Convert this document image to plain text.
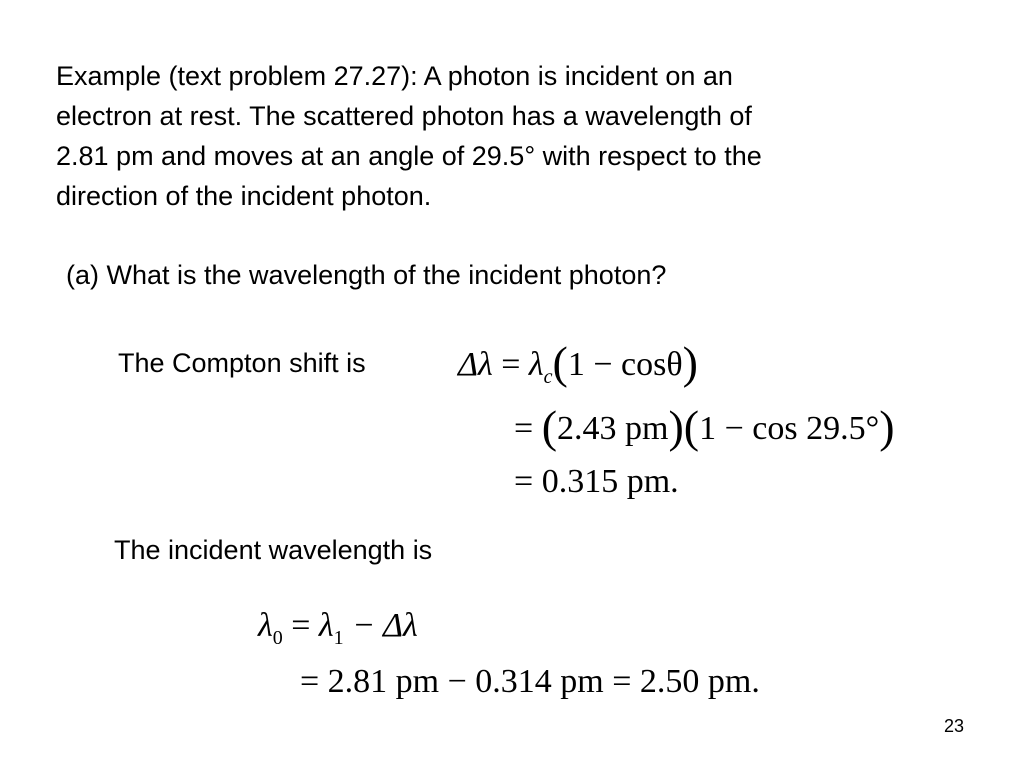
Example (text problem 27.27): A photon is incident on an
electron at rest. The scattered photon has a wavelength of
2.81 pm and moves at an angle of 29.5° with respect to the
direction of the incident photon.
(a) What is the wavelength of the incident photon?
The Compton shift is	$\Delta\lambda = \lambda_c(1 - \cos\theta)$
= (2.43 pm)(1 − cos 29.5°)
= 0.315 pm.
The incident wavelength is
$\lambda_0 = \lambda_1 - \Delta\lambda$
= 2.81 pm − 0.314 pm = 2.50 pm.
23
